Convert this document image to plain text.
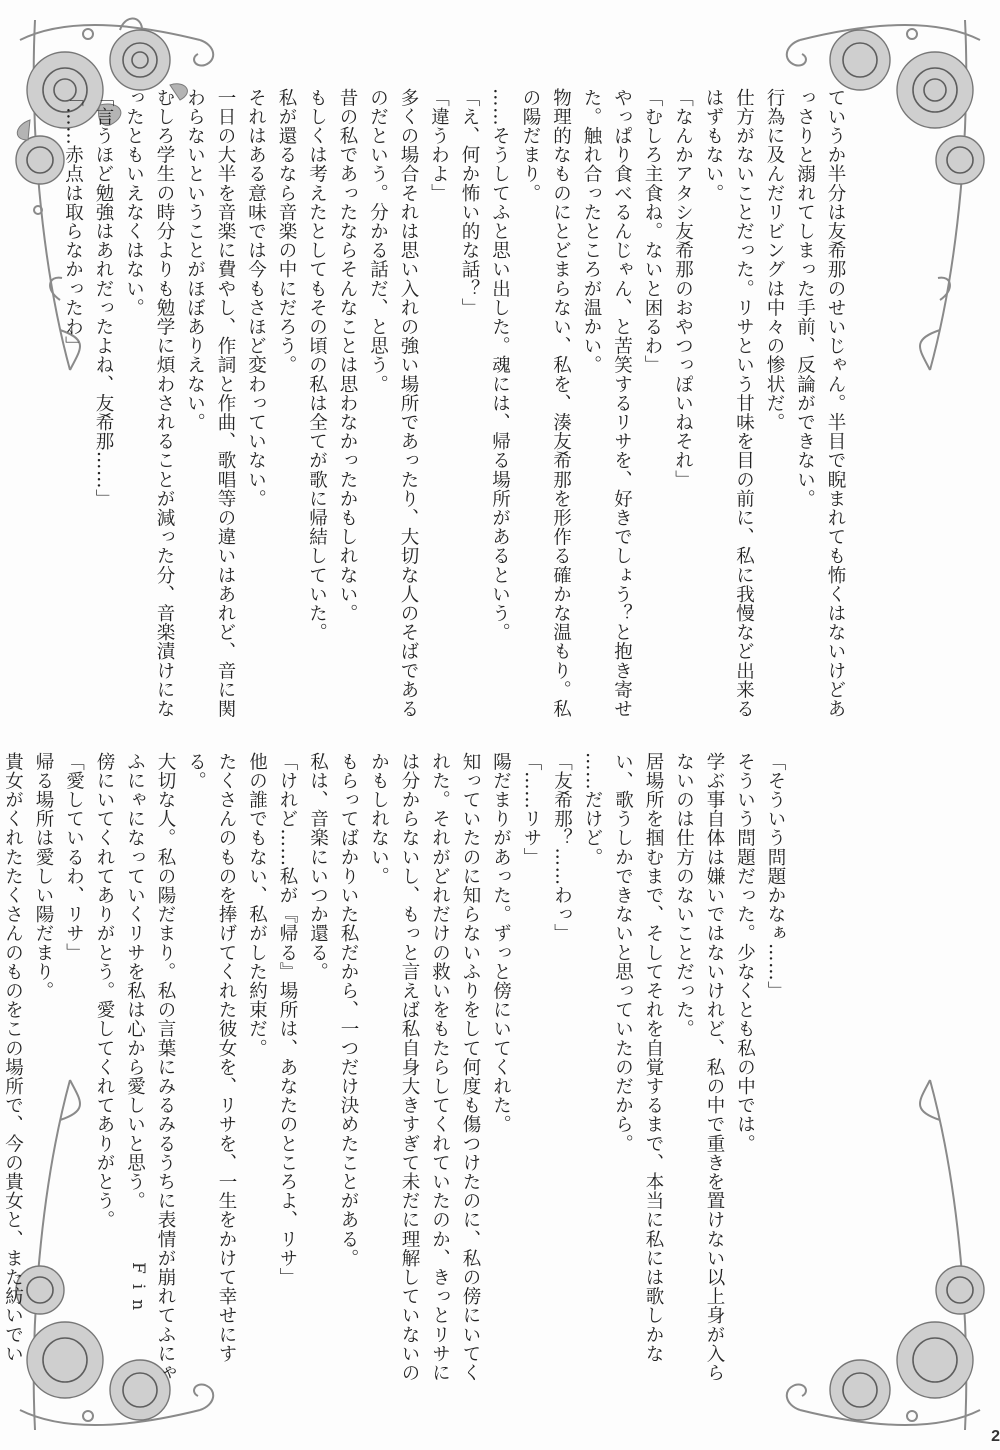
ていうか半分は友希那のせいじゃん。半目で睨まれても怖くはないけどあっさりと溺れてしまった手前、反論ができない。

行為に及んだリビングは中々の惨状だ。

仕方がないことだった。リサという甘味を目の前に、私に我慢など出来るはずもない。

「なんかアタシ友希那のおやつっぽいねそれ」

「むしろ主食ね。ないと困るわ」

やっぱり食べるんじゃん、と苦笑するリサを、好きでしょう？と抱き寄せた。触れ合ったところが温かい。

物理的なものにとどまらない、私を、湊友希那を形作る確かな温もり。私の陽だまり。

……そうしてふと思い出した。魂には、帰る場所があるという。

「え、何か怖い的な話？」

「違うわよ」

多くの場合それは思い入れの強い場所であったり、大切な人のそばであるのだという。分かる話だ、と思う。

昔の私であったならそんなことは思わなかったかもしれない。

もしくは考えたとしてもその頃の私は全てが歌に帰結していた。

私が還るなら音楽の中にだろう。

それはある意味では今もさほど変わっていない。

一日の大半を音楽に費やし、作詞と作曲、歌唱等の違いはあれど、音に関わらないということがほぼありえない。

むしろ学生の時分よりも勉学に煩わされることが減った分、音楽漬けになったともいえなくはない。

「言うほど勉強はあれだったよね、友希那……」

「……赤点は取らなかったわ」

「そういう問題かなぁ……」

そういう問題だった。少なくとも私の中では。

学ぶ事自体は嫌いではないけれど、私の中で重きを置けない以上身が入らないのは仕方のないことだった。

居場所を掴むまで、そしてそれを自覚するまで、本当に私には歌しかない、歌うしかできないと思っていたのだから。

……だけど。

「友希那？……わっ」

「……リサ」

陽だまりがあった。ずっと傍にいてくれた。

知っていたのに知らないふりをして何度も傷つけたのに、私の傍にいてくれた。それがどれだけの救いをもたらしてくれていたのか、きっとリサには分からないし、もっと言えば私自身大きすぎて未だに理解していないのかもしれない。

もらってばかりいた私だから、一つだけ決めたことがある。

私は、音楽にいつか還る。

「けれど……私が『帰る』場所は、あなたのところよ、リサ」

他の誰でもない、私がした約束だ。

たくさんのものを捧げてくれた彼女を、リサを、一生をかけて幸せにする。

大切な人。私の陽だまり。私の言葉にみるみるうちに表情が崩れてふにゃふにゃになっていくリサを私は心から愛しいと思う。

傍にいてくれてありがとう。愛してくれてありがとう。

「愛しているわ、リサ」

帰る場所は愛しい陽だまり。

貴女がくれたたくさんのものをこの場所で、今の貴女と、また紡いでい

Fin
2
